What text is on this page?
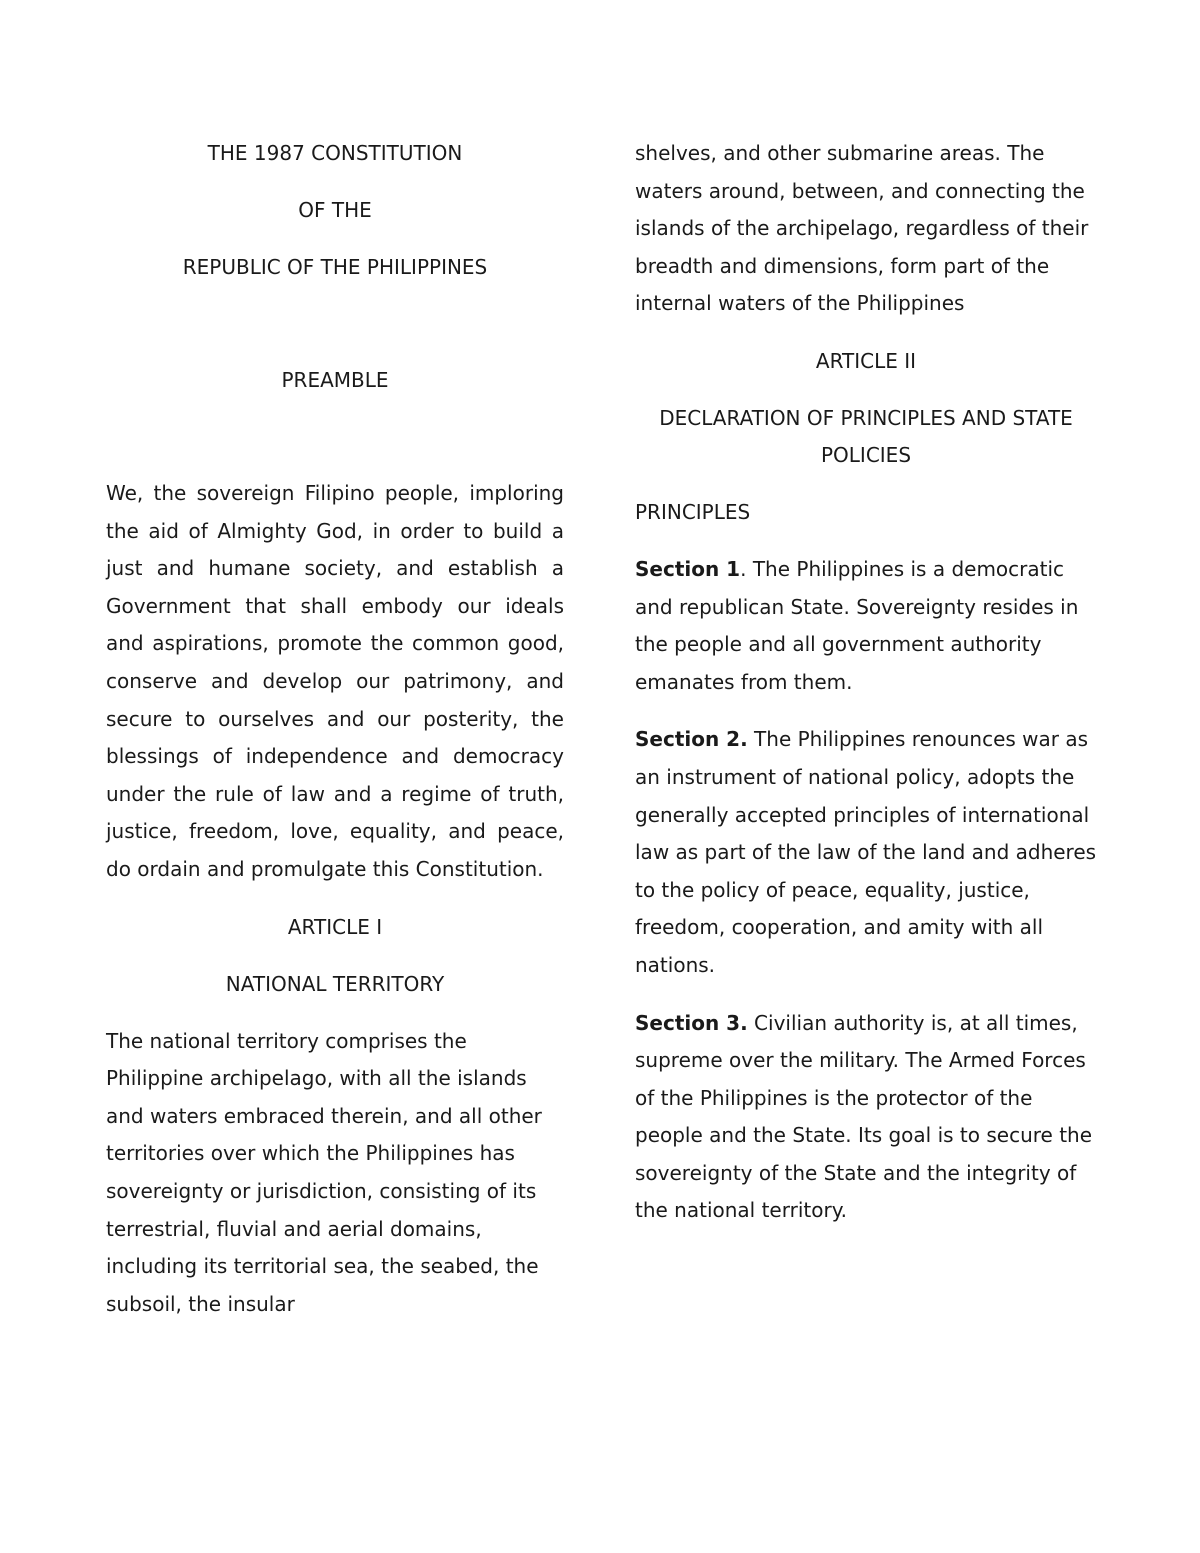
THE 1987 CONSTITUTION

OF THE

REPUBLIC OF THE PHILIPPINES

PREAMBLE

We, the sovereign Filipino people, imploring the aid of Almighty God, in order to build a just and humane society, and establish a Government that shall embody our ideals and aspirations, promote the common good, conserve and develop our patrimony, and secure to ourselves and our posterity, the blessings of independence and democracy under the rule of law and a regime of truth, justice, freedom, love, equality, and peace, do ordain and promulgate this Constitution.

ARTICLE I

NATIONAL TERRITORY

The national territory comprises the Philippine archipelago, with all the islands and waters embraced therein, and all other territories over which the Philippines has sovereignty or jurisdiction, consisting of its terrestrial, fluvial and aerial domains, including its territorial sea, the seabed, the subsoil, the insular

shelves, and other submarine areas. The waters around, between, and connecting the islands of the archipelago, regardless of their breadth and dimensions, form part of the internal waters of the Philippines

ARTICLE II

DECLARATION OF PRINCIPLES AND STATE POLICIES

PRINCIPLES

Section 1. The Philippines is a democratic and republican State. Sovereignty resides in the people and all government authority emanates from them.

Section 2. The Philippines renounces war as an instrument of national policy, adopts the generally accepted principles of international law as part of the law of the land and adheres to the policy of peace, equality, justice, freedom, cooperation, and amity with all nations.

Section 3. Civilian authority is, at all times, supreme over the military. The Armed Forces of the Philippines is the protector of the people and the State. Its goal is to secure the sovereignty of the State and the integrity of the national territory.
